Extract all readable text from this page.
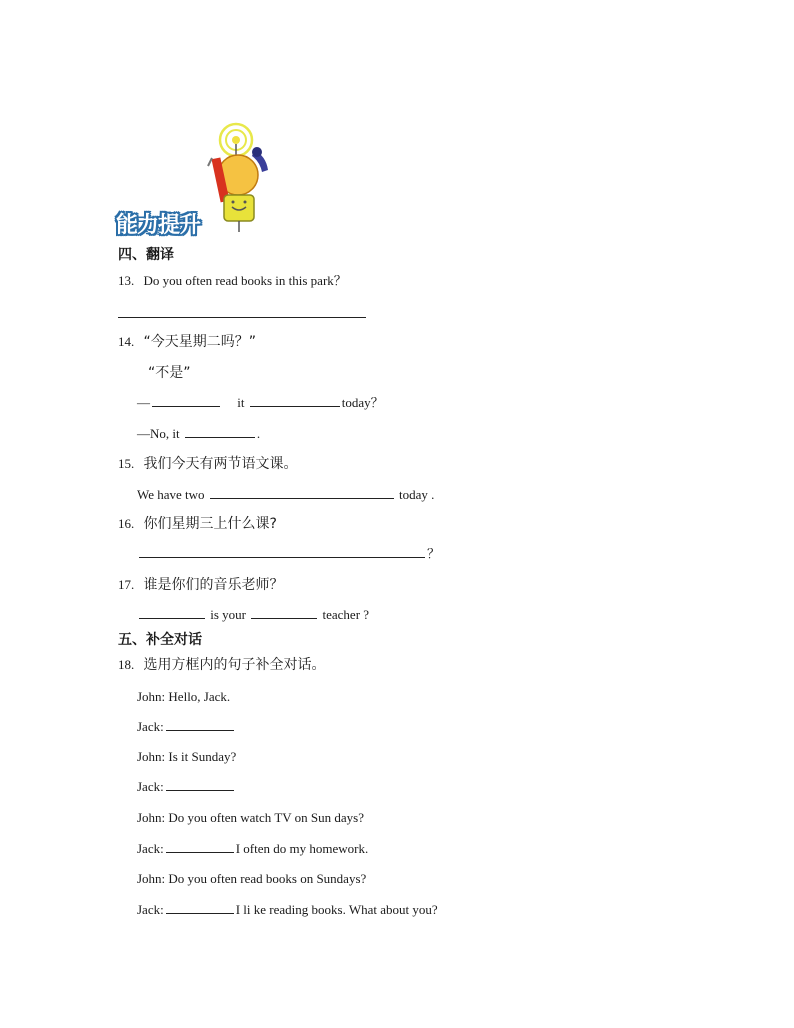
能力提升
四、翻译
13. Do you often read books in this park？
14. “今天星期二吗？”
“不是”
—	it	today？
—No, it	.
15. 我们今天有两节语文课。
We have two	today .
16. 你们星期三上什么课?
？
17. 谁是你们的音乐老师？
is your	teacher ?
五、补全对话
18. 选用方框内的句子补全对话。
John: Hello, Jack.
Jack:
John: Is it Sunday?
Jack:
John: Do you often watch TV on Sun days?
Jack:	I often do my homework.
John: Do you often read books on Sundays?
Jack:	I li ke reading books. What about you?
